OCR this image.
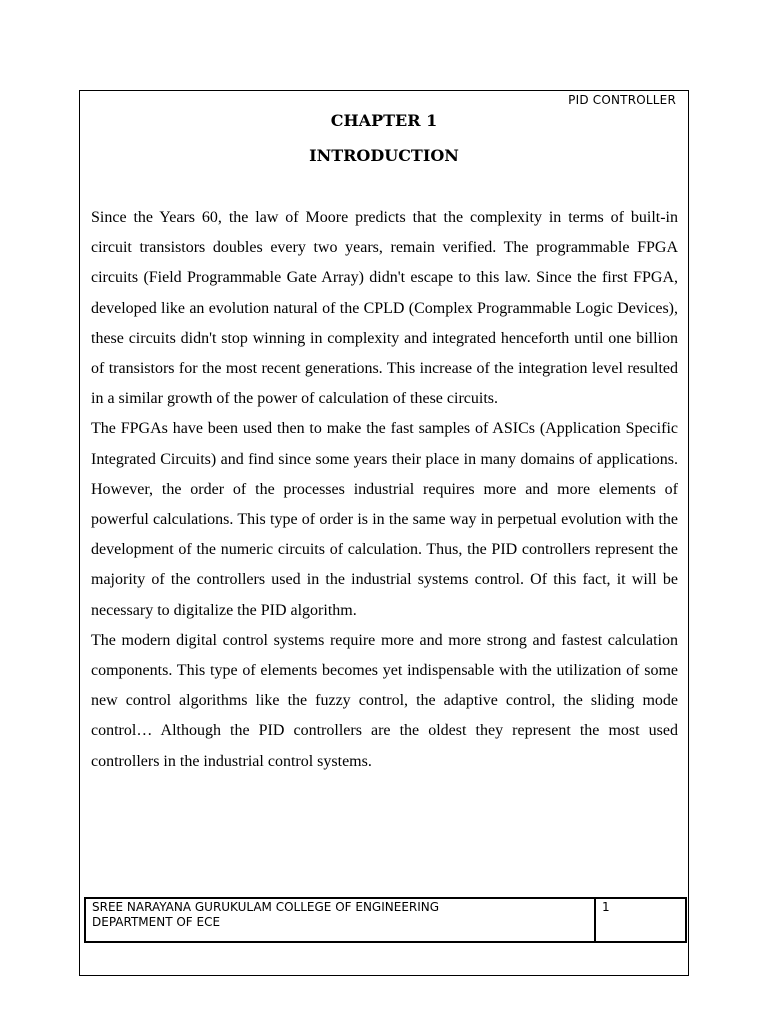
PID CONTROLLER
CHAPTER 1
INTRODUCTION

Since the Years 60, the law of Moore predicts that the complexity in terms of built-in circuit transistors doubles every two years, remain verified. The programmable FPGA circuits (Field Programmable Gate Array) didn't escape to this law. Since the first FPGA, developed like an evolution natural of the CPLD (Complex Programmable Logic Devices), these circuits didn't stop winning in complexity and integrated henceforth until one billion of transistors for the most recent generations. This increase of the integration level resulted in a similar growth of the power of calculation of these circuits.

The FPGAs have been used then to make the fast samples of ASICs (Application Specific Integrated Circuits) and find since some years their place in many domains of applications. However, the order of the processes industrial requires more and more elements of powerful calculations. This type of order is in the same way in perpetual evolution with the development of the numeric circuits of calculation. Thus, the PID controllers represent the majority of the controllers used in the industrial systems control. Of this fact, it will be necessary to digitalize the PID algorithm.

The modern digital control systems require more and more strong and fastest calculation components. This type of elements becomes yet indispensable with the utilization of some new control algorithms like the fuzzy control, the adaptive control, the sliding mode control… Although the PID controllers are the oldest they represent the most used controllers in the industrial control systems.

SREE NARAYANA GURUKULAM COLLEGE OF ENGINEERING
DEPARTMENT OF ECE
1
